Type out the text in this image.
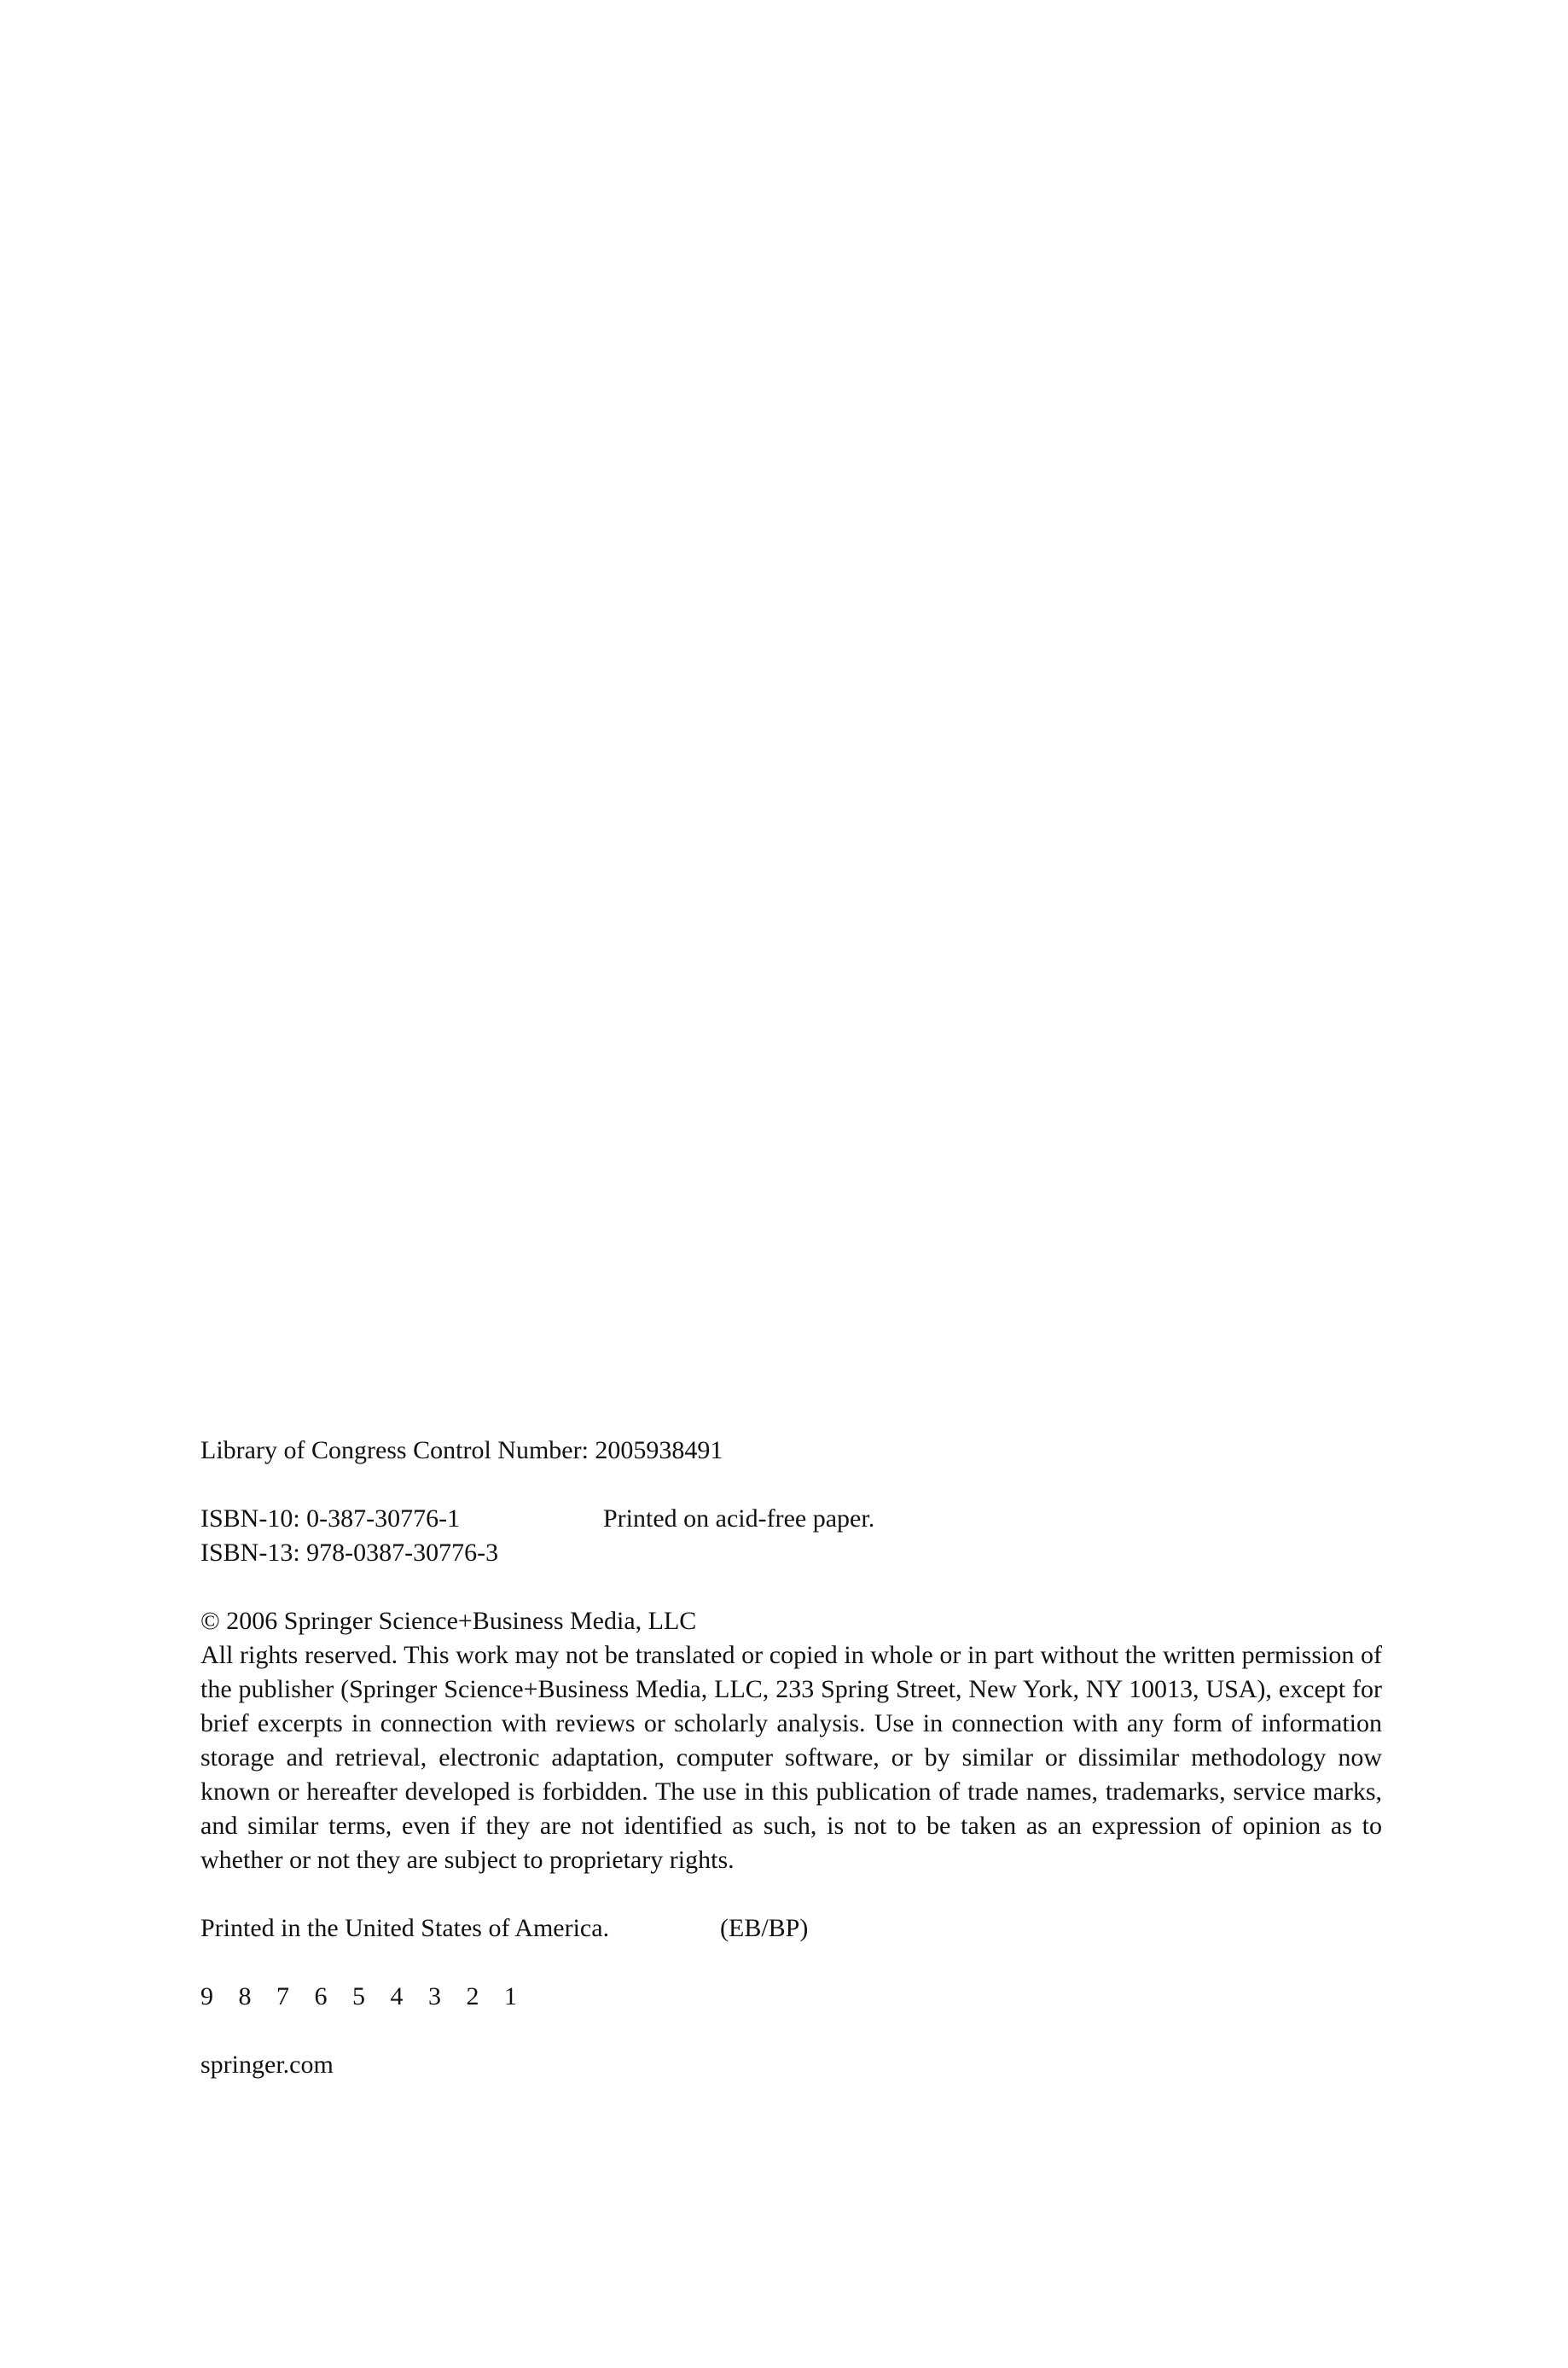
Library of Congress Control Number: 2005938491
ISBN-10: 0-387-30776-1	Printed on acid-free paper.
ISBN-13: 978-0387-30776-3
© 2006 Springer Science+Business Media, LLC
All rights reserved. This work may not be translated or copied in whole or in part without the written permission of the publisher (Springer Science+Business Media, LLC, 233 Spring Street, New York, NY 10013, USA), except for brief excerpts in connection with reviews or scholarly analysis. Use in connection with any form of information storage and retrieval, electronic adaptation, computer software, or by similar or dissimilar methodology now known or hereafter developed is forbidden. The use in this publication of trade names, trademarks, service marks, and similar terms, even if they are not identified as such, is not to be taken as an expression of opinion as to whether or not they are subject to proprietary rights.
Printed in the United States of America.	(EB/BP)
9 8 7 6 5 4 3 2 1
springer.com
